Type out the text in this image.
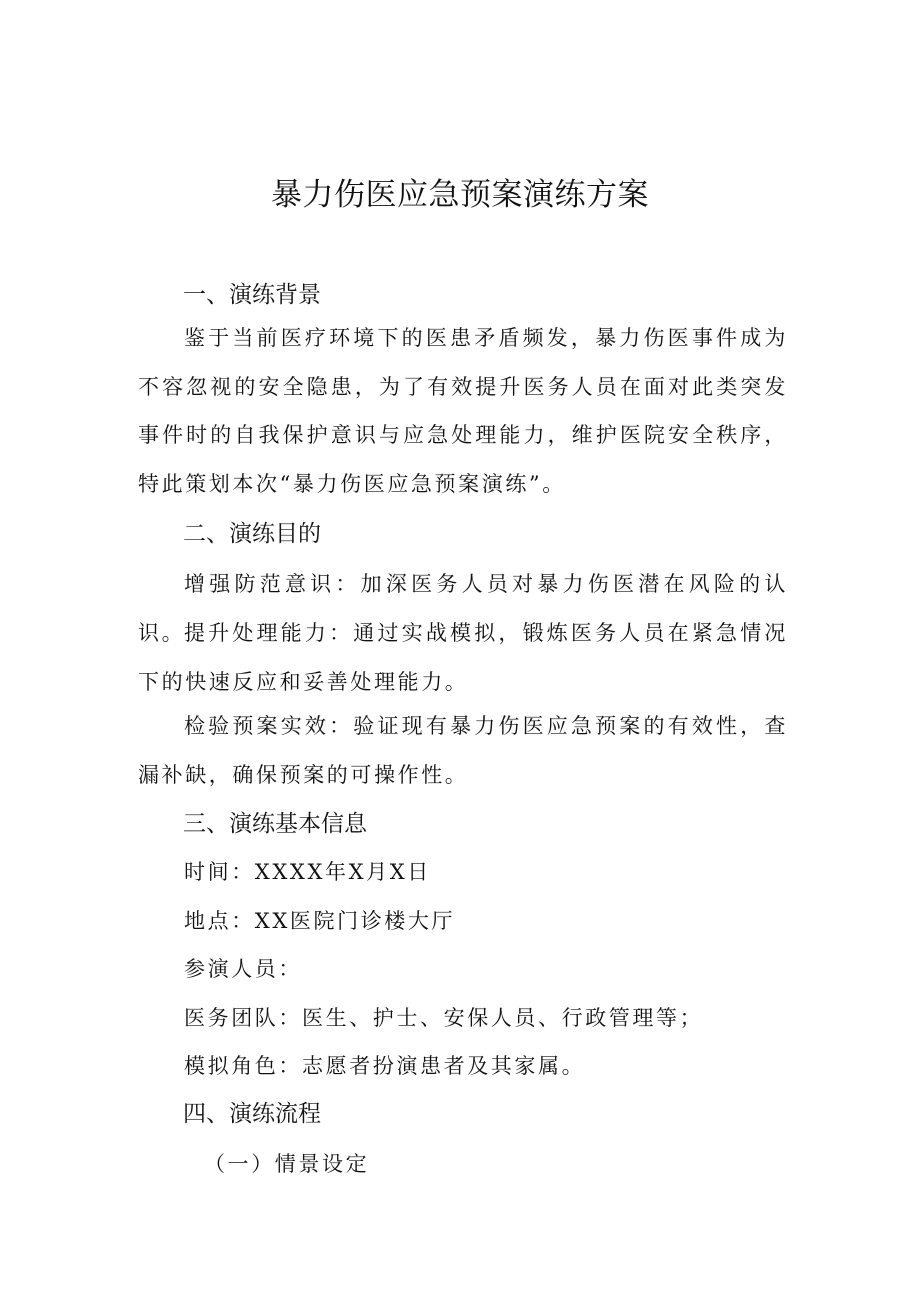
暴力伤医应急预案演练方案
一、演练背景

鉴于当前医疗环境下的医患矛盾频发，暴力伤医事件成为不容忽视的安全隐患，为了有效提升医务人员在面对此类突发事件时的自我保护意识与应急处理能力，维护医院安全秩序，特此策划本次“暴力伤医应急预案演练”。

二、演练目的

增强防范意识：加深医务人员对暴力伤医潜在风险的认识。

提升处理能力：通过实战模拟，锻炼医务人员在紧急情况下的快速反应和妥善处理能力。

检验预案实效：验证现有暴力伤医应急预案的有效性，查漏补缺，确保预案的可操作性。

三、演练基本信息

时间：XXXX年X月X日

地点：XX医院门诊楼大厅

参演人员：

医务团队：医生、护士、安保人员、行政管理等；

模拟角色：志愿者扮演患者及其家属。

四、演练流程

（一）情景设定
